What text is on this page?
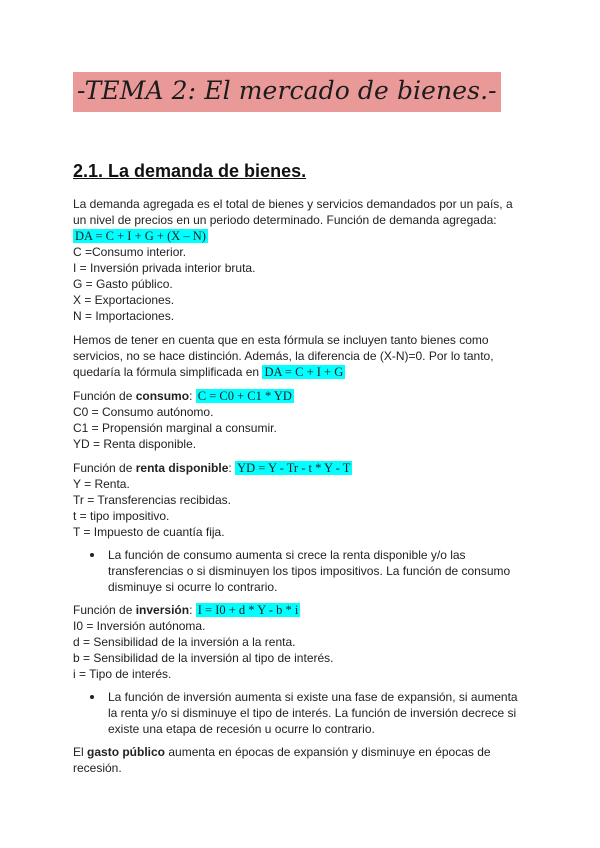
-TEMA 2: El mercado de bienes.-
2.1. La demanda de bienes.
La demanda agregada es el total de bienes y servicios demandados por un país, a
un nivel de precios en un periodo determinado. Función de demanda agregada:
DA = C + I + G + (X – N)
C =Consumo interior.
I = Inversión privada interior bruta.
G = Gasto público.
X = Exportaciones.
N = Importaciones.
Hemos de tener en cuenta que en esta fórmula se incluyen tanto bienes como
servicios, no se hace distinción. Además, la diferencia de (X-N)=0. Por lo tanto,
quedaría la fórmula simplificada en DA = C + I + G
Función de consumo: C = C0 + C1 * YD
C0 = Consumo autónomo.
C1 = Propensión marginal a consumir.
YD = Renta disponible.
Función de renta disponible: YD = Y - Tr - t * Y - T
Y = Renta.
Tr = Transferencias recibidas.
t = tipo impositivo.
T = Impuesto de cuantía fija.
La función de consumo aumenta si crece la renta disponible y/o las
transferencias o si disminuyen los tipos impositivos. La función de consumo
disminuye si ocurre lo contrario.
Función de inversión: I = I0 + d * Y - b * i
I0 = Inversión autónoma.
d = Sensibilidad de la inversión a la renta.
b = Sensibilidad de la inversión al tipo de interés.
i = Tipo de interés.
La función de inversión aumenta si existe una fase de expansión, si aumenta
la renta y/o si disminuye el tipo de interés. La función de inversión decrece si
existe una etapa de recesión u ocurre lo contrario.
El gasto público aumenta en épocas de expansión y disminuye en épocas de
recesión.
